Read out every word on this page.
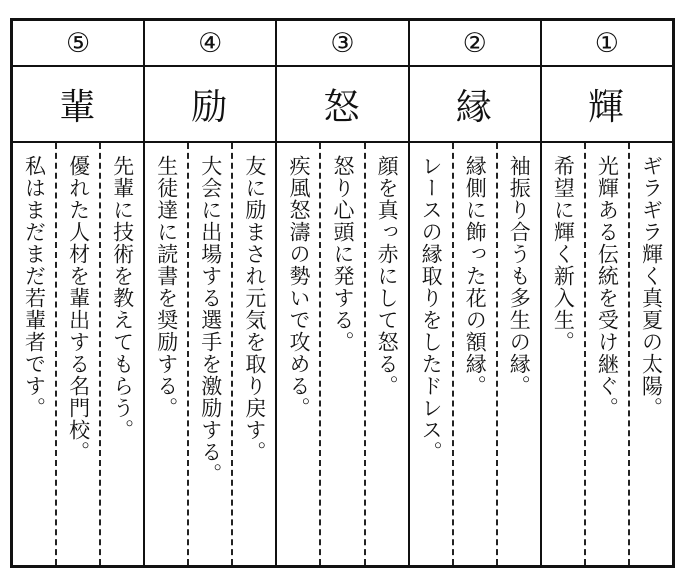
①
輝
ギラギラ輝く真夏の太陽。
光輝ある伝統を受け継ぐ。
希望に輝く新入生。
②
縁
袖振り合うも多生の縁。
縁側に飾った花の額縁。
レースの縁取りをしたドレス。
③
怒
顔を真っ赤にして怒る。
怒り心頭に発する。
疾風怒濤の勢いで攻める。
④
励
友に励まされ元気を取り戻す。
大会に出場する選手を激励する。
生徒達に読書を奨励する。
⑤
輩
先輩に技術を教えてもらう。
優れた人材を輩出する名門校。
私はまだまだ若輩者です。
